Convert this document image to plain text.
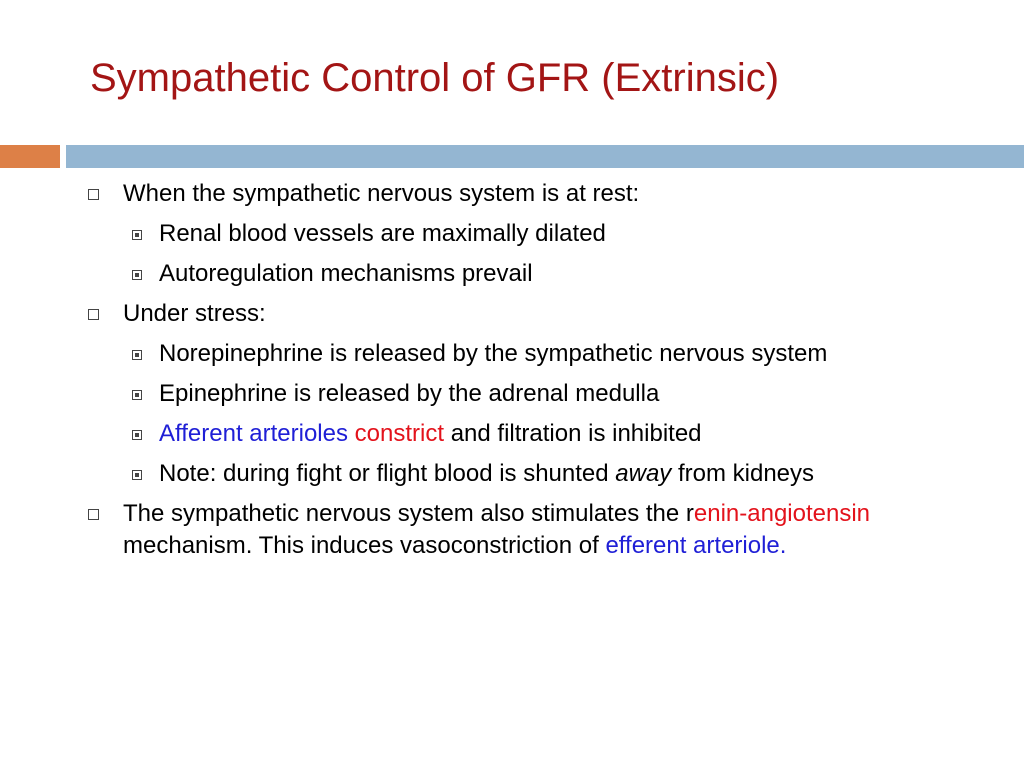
Sympathetic Control of GFR (Extrinsic)
When the sympathetic nervous system is at rest:
Renal blood vessels are maximally dilated
Autoregulation mechanisms prevail
Under stress:
Norepinephrine is released by the sympathetic nervous system
Epinephrine is released by the adrenal medulla
Afferent arterioles constrict and filtration is inhibited
Note: during fight or flight blood is shunted away from kidneys
The sympathetic nervous system also stimulates the renin-angiotensin mechanism. This induces vasoconstriction of efferent arteriole.
